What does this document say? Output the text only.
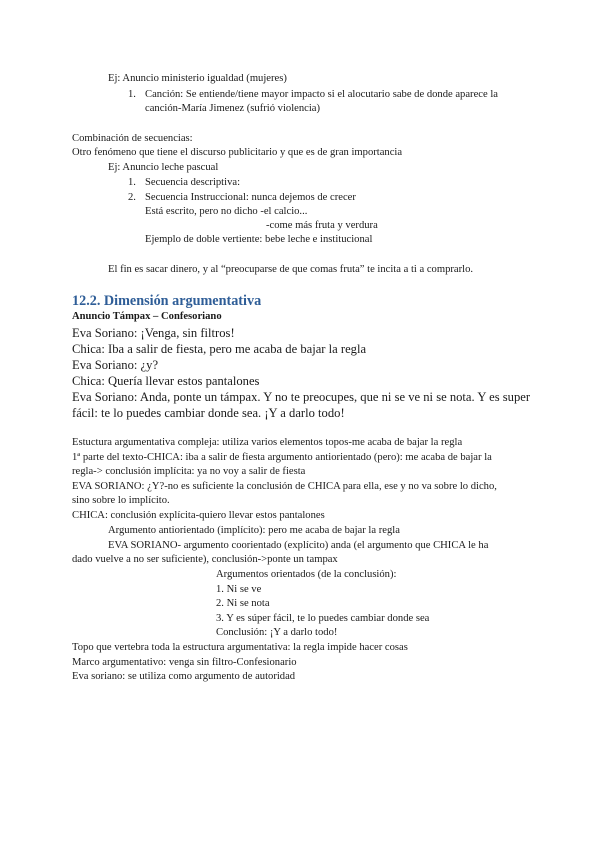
Ej: Anuncio ministerio igualdad (mujeres)
1. Canción: Se entiende/tiene mayor impacto si el alocutario sabe de donde aparece la
canción-María Jimenez (sufrió violencia)
Combinación de secuencias:
Otro fenómeno que tiene el discurso publicitario y que es de gran importancia
Ej: Anuncio leche pascual
1. Secuencia descriptiva:
2. Secuencia Instruccional: nunca dejemos de crecer
Está escrito, pero no dicho -el calcio...
-come más fruta y verdura
Ejemplo de doble vertiente: bebe leche e institucional
El fin es sacar dinero, y al “preocuparse de que comas fruta” te incita a ti a comprarlo.
12.2. Dimensión argumentativa
Anuncio Támpax – Confesoriano
Eva Soriano: ¡Venga, sin filtros!
Chica: Iba a salir de fiesta, pero me acaba de bajar la regla
Eva Soriano: ¿y?
Chica: Quería llevar estos pantalones
Eva Soriano: Anda, ponte un támpax. Y no te preocupes, que ni se ve ni se nota. Y es super
fácil: te lo puedes cambiar donde sea. ¡Y a darlo todo!
Estuctura argumentativa compleja: utiliza varios elementos topos-me acaba de bajar la regla
1ª parte del texto-CHICA: iba a salir de fiesta argumento antiorientado (pero): me acaba de bajar la
regla-> conclusión implícita: ya no voy a salir de fiesta
EVA SORIANO: ¿Y?-no es suficiente la conclusión de CHICA para ella, ese y no va sobre lo dicho,
sino sobre lo implícito.
CHICA: conclusión explícita-quiero llevar estos pantalones
Argumento antiorientado (implícito): pero me acaba de bajar la regla
EVA SORIANO- argumento coorientado (explícito) anda (el argumento que CHICA le ha
dado vuelve a no ser suficiente), conclusión->ponte un tampax
Argumentos orientados (de la conclusión):
1. Ni se ve
2. Ni se nota
3. Y es súper fácil, te lo puedes cambiar donde sea
Conclusión: ¡Y a darlo todo!
Topo que vertebra toda la estructura argumentativa: la regla impide hacer cosas
Marco argumentativo: venga sin filtro-Confesionario
Eva soriano: se utiliza como argumento de autoridad
